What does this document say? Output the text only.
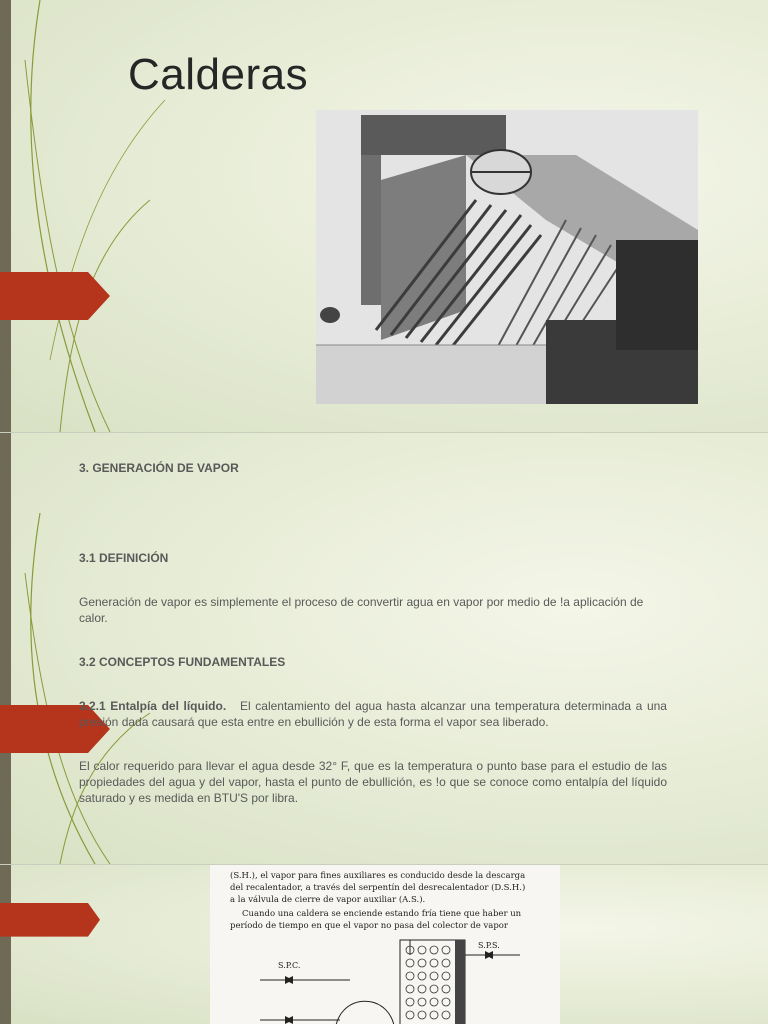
Calderas
3. GENERACIÓN DE VAPOR
3.1 DEFINICIÓN
Generación de vapor es simplemente el proceso de convertir agua en vapor por medio de !a aplicación de calor.
3.2 CONCEPTOS FUNDAMENTALES
3.2.1 Entalpía del líquido. El calentamiento del agua hasta alcanzar una temperatura determinada a una presión dada causará que esta entre en ebullición y de esta forma el vapor sea liberado.
El calor requerido para llevar el agua desde 32° F, que es la temperatura o punto base para el estudio de las propiedades del agua y del vapor, hasta el punto de ebullición, es !o que se conoce como entalpía del líquido saturado y es medida en BTU'S por libra.
(S.H.), el vapor para fines auxiliares es conducido desde la descarga
del recalentador, a través del serpentín del desrecalentador (D.S.H.)
a la válvula de cierre de vapor auxiliar (A.S.).
Cuando una caldera se enciende estando fría tiene que haber un
período de tiempo en que el vapor no pasa del colector de vapor
S.P.C.
S.P.S.
